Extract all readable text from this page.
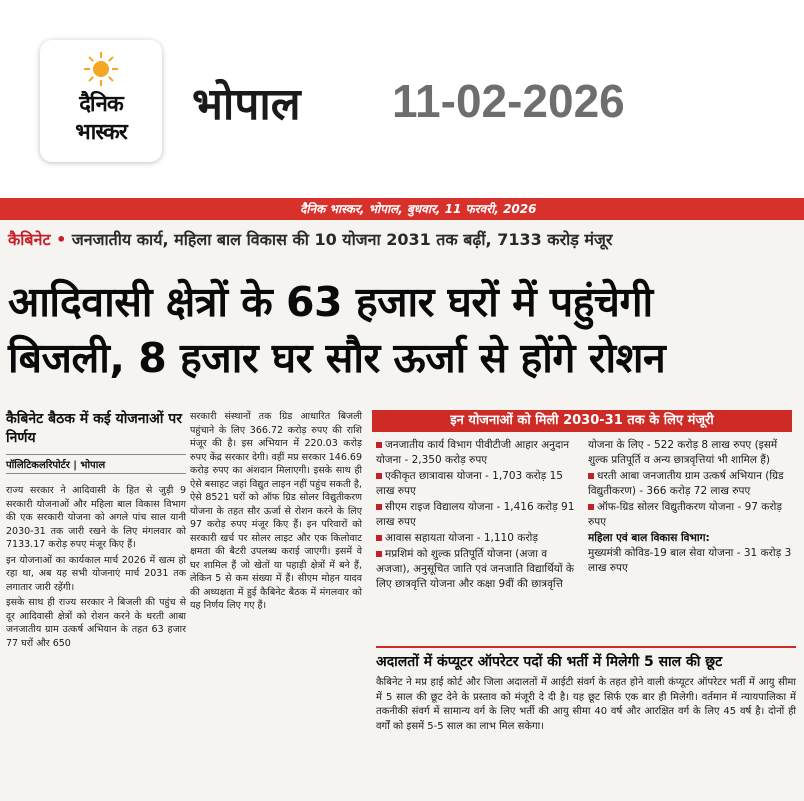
दैनिक
भास्कर
भोपाल 11-02-2026
दैनिक भास्कर, भोपाल, बुधवार, 11 फरवरी, 2026
कैबिनेट • जनजातीय कार्य, महिला बाल विकास की 10 योजना 2031 तक बढ़ीं, 7133 करोड़ मंजूर
आदिवासी क्षेत्रों के 63 हजार घरों में पहुंचेगी
बिजली, 8 हजार घर सौर ऊर्जा से होंगे रोशन
कैबिनेट बैठक में कई योजनाओं पर निर्णय
पॉलिटिकलरिपोर्टर | भोपाल

राज्य सरकार ने आदिवासी के हित से जुड़ी 9 सरकारी योजनाओं और महिला बाल विकास विभाग की एक सरकारी योजना को अगले पांच साल यानी 2030-31 तक जारी रखने के लिए मंगलवार को 7133.17 करोड़ रुपए मंजूर किए हैं।

इन योजनाओं का कार्यकाल मार्च 2026 में खत्म हो रहा था, अब यह सभी योजनाएं मार्च 2031 तक लगातार जारी रहेंगी।

इसके साथ ही राज्य सरकार ने बिजली की पहुंच से दूर आदिवासी क्षेत्रों को रोशन करने के धरती आबा जनजातीय ग्राम उत्कर्ष अभियान के तहत 63 हजार 77 घरों और 650

सरकारी संस्थानों तक ग्रिड आधारित बिजली पहुंचाने के लिए 366.72 करोड़ रुपए की राशि मंजूर की है। इस अभियान में 220.03 करोड़ रुपए केंद्र सरकार देगी। वहीं मप्र सरकार 146.69 करोड़ रुपए का अंशदान मिलाएगी। इसके साथ ही ऐसे बसाहट जहां विद्युत लाइन नहीं पहुंच सकती है, ऐसे 8521 घरों को ऑफ ग्रिड सोलर विद्युतीकरण योजना के तहत सौर ऊर्जा से रोशन करने के लिए 97 करोड़ रुपए मंजूर किए हैं। इन परिवारों को सरकारी खर्च पर सोलर लाइट और एक किलोवाट क्षमता की बैटरी उपलब्ध कराई जाएगी। इसमें वे घर शामिल हैं जो खेतों या पहाड़ी क्षेत्रों में बने हैं, लेकिन 5 से कम संख्या में हैं। सीएम मोहन यादव की अध्यक्षता में हुई कैबिनेट बैठक में मंगलवार को यह निर्णय लिए गए हैं।

इन योजनाओं को मिली 2030-31 तक के लिए मंजूरी
जनजातीय कार्य विभाग पीवीटीजी आहार अनुदान योजना - 2,350 करोड़ रुपए
एकीकृत छात्रावास योजना - 1,703 करोड़ 15 लाख रुपए
सीएम राइज विद्यालय योजना - 1,416 करोड़ 91 लाख रुपए
आवास सहायता योजना - 1,110 करोड़
मप्रशिमं को शुल्क प्रतिपूर्ति योजना (अजा व अजजा), अनुसूचित जाति एवं जनजाति विद्यार्थियों के लिए छात्रवृत्ति योजना और कक्षा 9वीं की छात्रवृत्ति
योजना के लिए - 522 करोड़ 8 लाख रुपए (इसमें शुल्क प्रतिपूर्ति व अन्य छात्रवृत्तियां भी शामिल हैं)
धरती आबा जनजातीय ग्राम उत्कर्ष अभियान (ग्रिड विद्युतीकरण) - 366 करोड़ 72 लाख रुपए
ऑफ-ग्रिड सोलर विद्युतीकरण योजना - 97 करोड़ रुपए
महिला एवं बाल विकास विभाग:
मुख्यमंत्री कोविड-19 बाल सेवा योजना - 31 करोड़ 3 लाख रुपए
अदालतों में कंप्यूटर ऑपरेटर पदों की भर्ती में मिलेगी 5 साल की छूट

कैबिनेट ने मप्र हाई कोर्ट और जिला अदालतों में आईटी संवर्ग के तहत होने वाली कंप्यूटर ऑपरेटर भर्ती में आयु सीमा में 5 साल की छूट देने के प्रस्ताव को मंजूरी दे दी है। यह छूट सिर्फ एक बार ही मिलेगी। वर्तमान में न्यायपालिका में तकनीकी संवर्ग में सामान्य वर्ग के लिए भर्ती की आयु सीमा 40 वर्ष और आरक्षित वर्ग के लिए 45 वर्ष है। दोनों ही वर्गों को इसमें 5-5 साल का लाभ मिल सकेगा।
